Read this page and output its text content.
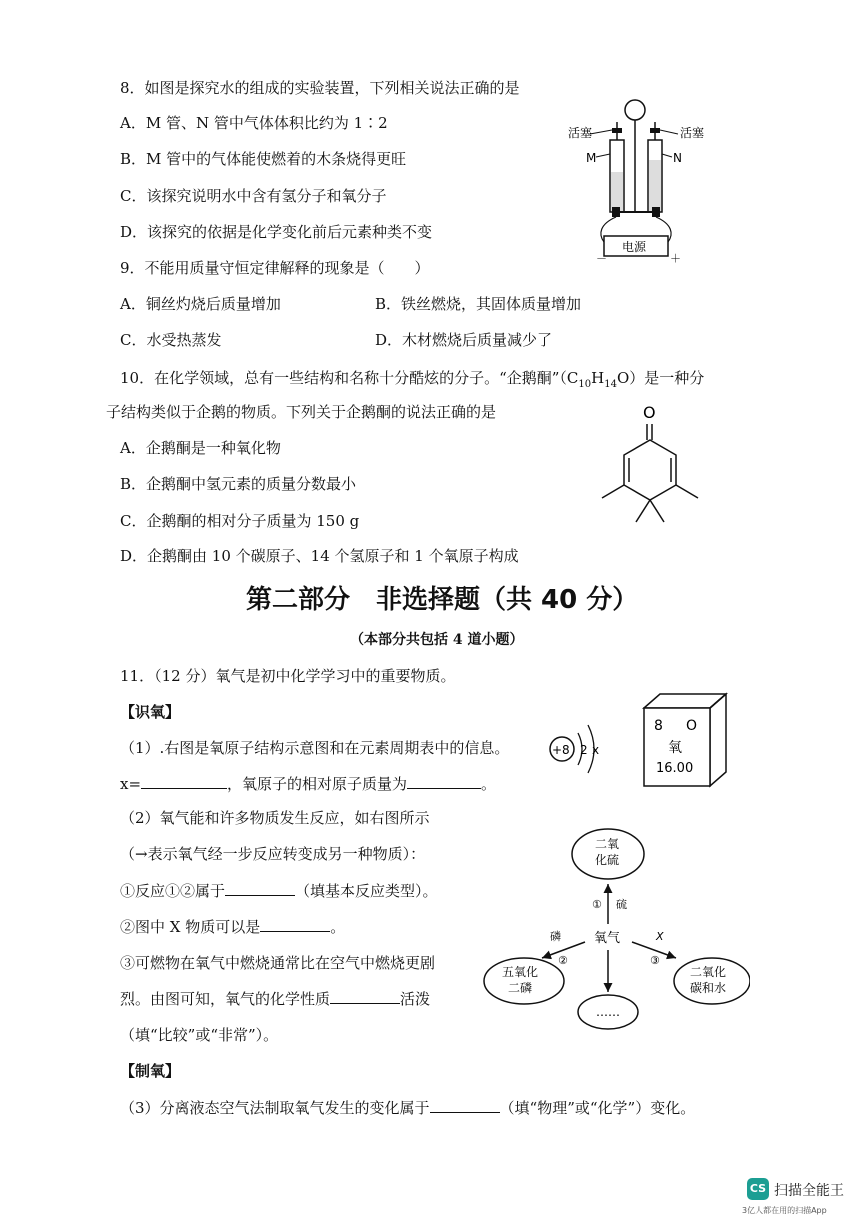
8．如图是探究水的组成的实验装置，下列相关说法正确的是
A．M 管、N 管中气体体积比约为 1∶2
B．M 管中的气体能使燃着的木条烧得更旺
C．该探究说明水中含有氢分子和氧分子
D．该探究的依据是化学变化前后元素种类不变
活塞	活塞
M	N
电源
－	＋
9．不能用质量守恒定律解释的现象是（　　）
A．铜丝灼烧后质量增加	B．铁丝燃烧，其固体质量增加
C．水受热蒸发	D．木材燃烧后质量减少了
10．在化学领域，总有一些结构和名称十分酷炫的分子。“企鹅酮$”(C_{10}H_{14}O)$是一种分
子结构类似于企鹅的物质。下列关于企鹅酮的说法正确的是
A．企鹅酮是一种氧化物
B．企鹅酮中氢元素的质量分数最小
C．企鹅酮的相对分子质量为 150 g
D．企鹅酮由 10 个碳原子、14 个氢原子和 1 个氧原子构成
O
第二部分　非选择题（共 40 分）
（本部分共包括 4 道小题）
11．（12 分）氧气是初中化学学习中的重要物质。
【识氧】
（1）.右图是氧原子结构示意图和在元素周期表中的信息。
x=	，氧原子的相对原子质量为	。
+8 2 x
8 O
氧
16.00
（2）氧气能和许多物质发生反应，如右图所示
（→表示氧气经一步反应转变成另一种物质）：
①反应①②属于	（填基本反应类型）。
②图中 X 物质可以是	。
③可燃物在氧气中燃烧通常比在空气中燃烧更剧
烈。由图可知，氧气的化学性质	活泼
（填“比较”或“非常”）。
氧气
二氧
化硫
五氧化
二磷
二氧化
碳和水
……
硫
磷	X
①
②	③
【制氧】
（3）分离液态空气法制取氧气发生的变化属于	（填“物理”或“化学”）变化。
CS 扫描全能王
3亿人都在用的扫描App
